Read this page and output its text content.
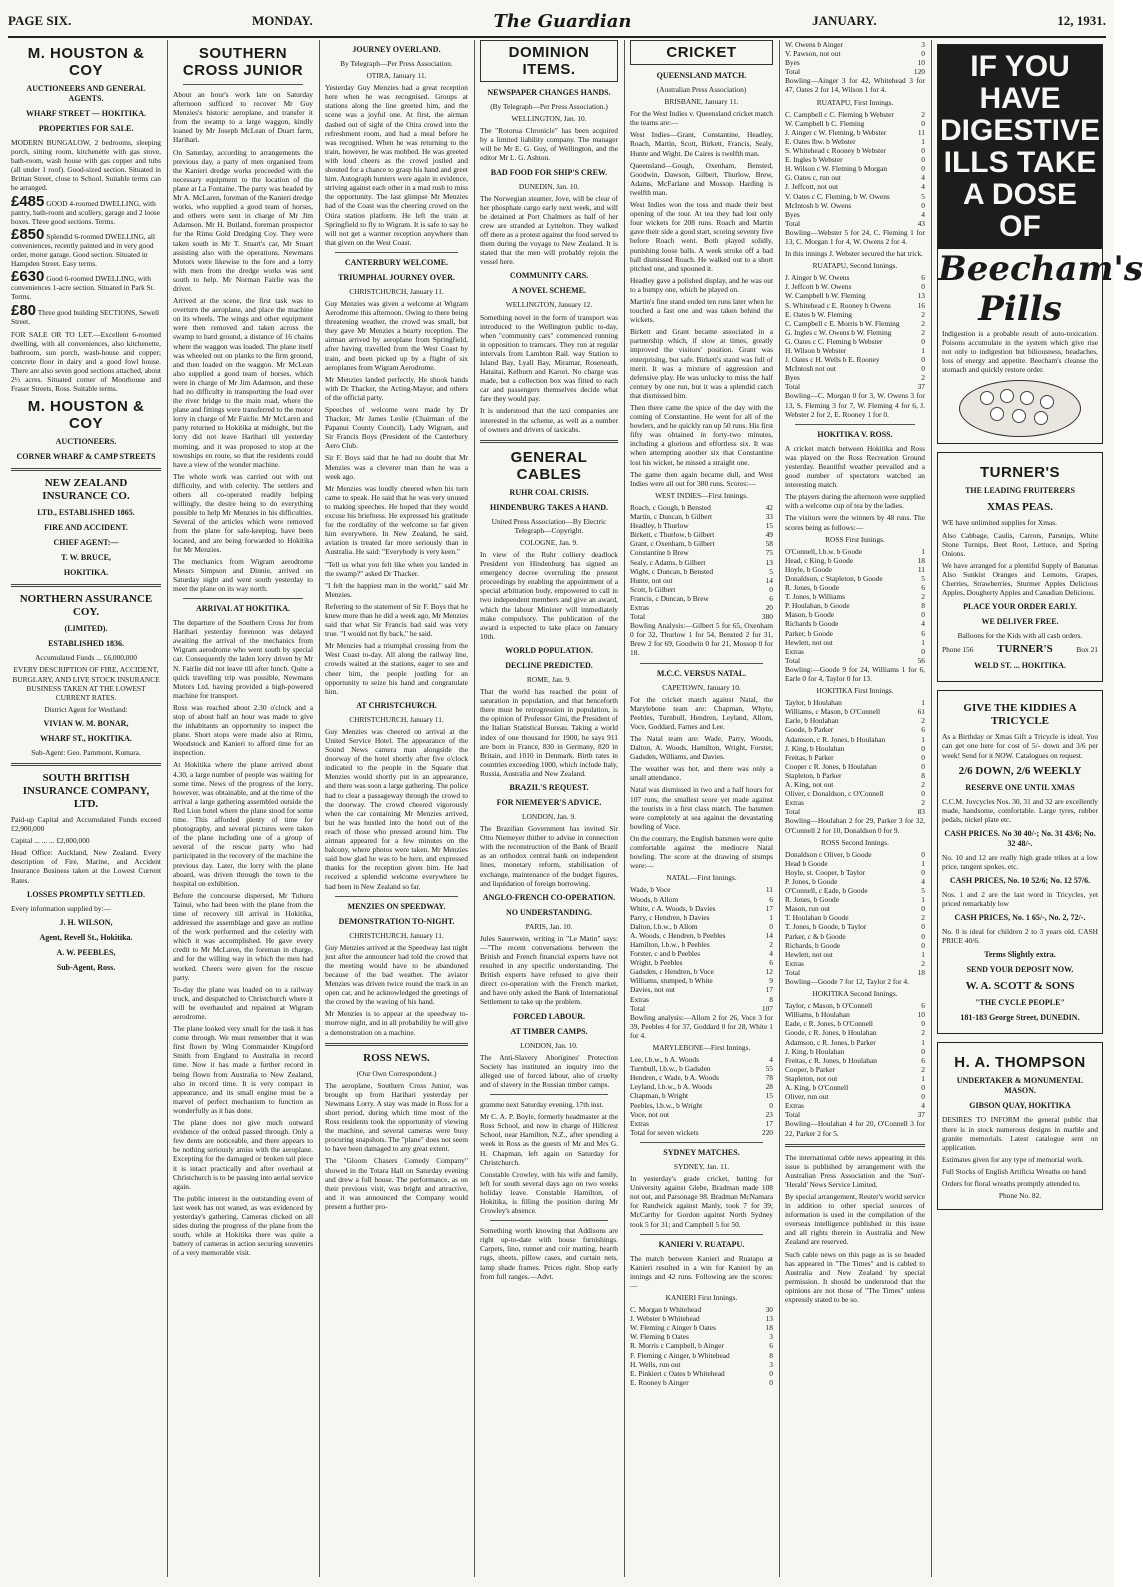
PAGE SIX.	MONDAY.	The Guardian	JANUARY.	12, 1931.
M. HOUSTON & COY
AUCTIONEERS AND GENERAL AGENTS.
WHARF STREET — HOKITIKA.
PROPERTIES FOR SALE.

MODERN BUNGALOW, 2 bedrooms, sleeping porch, sitting room, kitchenette with gas stove, bath-room, wash house with gas copper and tubs (all under 1 roof). Good-sized section. Situated in Brittan Street, close to School. Suitable terms can be arranged.

£485 GOOD 4-roomed DWELLING, with pantry, bath-room and scullery, garage and 2 loose boxes. Three good sections. Terms.
£850 Splendid 6-roomed DWELLING, all conveniences, recently painted and in very good order, motor garage. Good section. Situated in Hampden Street. Easy terms.
£630 Good 6-roomed DWELLING, with conveniences 1-acre section. Situated in Park St. Terms.
£80 Three good building SECTIONS, Sewell Street.

FOR SALE OR TO LET.—Excellent 6-roomed dwelling, with all conveniences, also kitchenette, bathroom, sun porch, wash-house and copper; concrete floor in dairy and a good fowl house. There are also seven good sections attached, about 2½ acres. Situated corner of Moorhouse and Fraser Streets, Ross. Suitable terms.

M. HOUSTON & COY
AUCTIONEERS.
CORNER WHARF & CAMP STREETS
NEW ZEALAND INSURANCE CO.
LTD., ESTABLISHED 1865.
FIRE AND ACCIDENT.
CHIEF AGENT:—
T. W. BRUCE,
HOKITIKA.
NORTHERN ASSURANCE COY.
(LIMITED).
ESTABLISHED 1836.

Accumulated Funds ... £6,000,000

EVERY DESCRIPTION OF FIRE, ACCIDENT, BURGLARY, AND LIVE STOCK INSURANCE BUSINESS TAKEN AT THE LOWEST CURRENT RATES.

District Agent for Westland:

VIVIAN W. M. BONAR,
WHARF ST., HOKITIKA.

Sub-Agent: Geo. Pammont, Kumara.

SOUTH BRITISH INSURANCE COMPANY, LTD.

Paid-up Capital and Accumulated Funds exceed £2,900,000

Capital ... ... ... £2,000,000

Head Office: Auckland, New Zealand. Every description of Fire, Marine, and Accident Insurance Business taken at the Lowest Current Rates.

LOSSES PROMPTLY SETTLED.

Every information supplied by:—

J. H. WILSON,
Agent, Revell St., Hokitika.
A. W. PEEBLES,
Sub-Agent, Ross.
SOUTHERN CROSS JUNIOR

About an hour's work late on Saturday afternoon sufficed to recover Mr Guy Menzies's historic aeroplane, and transfer it from the swamp to a large waggon, kindly loaned by Mr Joseph McLean of Duart farm, Harihari.

On Saturday, according to arrangements the previous day, a party of men organised from the Kanieri dredge works proceeded with the necessary equipment to the location of the plane at La Fontaine. The party was headed by Mr A. McLaren, foreman of the Kanieri dredge works, who supplied a good team of horses, and others were sent in charge of Mr Jim Adamson. Mr H. Butland, foreman prospector for the Rimu Gold Dredging Coy. They were taken south in Mr T. Stuart's car, Mr Stuart assisting also with the operations. Newmans Motors were likewise to the fore and a lorry with men from the dredge works was sent south to help. Mr Norman Fairlie was the driver.

Arrived at the scene, the first task was to overturn the aeroplane, and place the machine on its wheels. The wings and other equipment were then removed and taken across the swamp to hard ground, a distance of 16 chains where the waggon was loaded. The plane itself was wheeled out on planks to the firm ground, and then loaded on the waggon. Mr McLean also supplied a good team of horses, which were in charge of Mr Jim Adamson, and these had no difficulty in transporting the load over the river bridge to the main road, where the plane and fittings were transferred to the motor lorry in charge of Mr Fairlie. Mr McLaren and party returned to Hokitika at midnight, but the lorry did not leave Harihari till yesterday morning, and it was proposed to stop at the townships en route, so that the residents could have a view of the wonder machine.

The whole work was carried out with out difficulty, and with celerity. The settlers and others all co-operated readily helping willingly, the desire being to do everything possible to help Mr Menzies in his difficulties. Several of the articles which were removed from the plane for safe-keeping, have been located, and are being forwarded to Hokitika for Mr Menzies.

The mechanics from Wigram aerodrome Messrs Simpson and Dinnie, arrived on Saturday night and went south yesterday to meet the plane on its way north.

ARRIVAL AT HOKITIKA.

The departure of the Southern Cross Jnr from Harihari yesterday forenoon was delayed awaiting the arrival of the mechanics from Wigram aerodrome who went south by special car. Consequently the laden lorry driven by Mr N. Fairlie did not leave till after lunch. Quite a quick travelling trip was possible, Newmans Motors Ltd. having provided a high-powered machine for transport.

Ross was reached about 2.30 o'clock and a stop of about half an hour was made to give the inhabitants an opportunity to inspect the plane. Short stops were made also at Rimu, Woodstock and Kanieri to afford time for an inspection.

At Hokitika where the plane arrived about 4.30, a large number of people was waiting for some time. News of the progress of the lorry, however, was obtainable, and at the time of the arrival a large gathering assembled outside the Red Lion hotel where the plane stood for some time. This afforded plenty of time for photography, and several pictures were taken of the plane including one of a group of several of the rescue party who had participated in the recovery of the machine the previous day. Later, the lorry with the plane aboard, was driven through the town to the hospital on exhibition.

Before the concourse dispersed, Mr Tuhuru Tainui, who had been with the plane from the time of recovery till arrival in Hokitika, addressed the assemblage and gave an outline of the work performed and the celerity with which it was accomplished. He gave every credit to Mr McLaren, the foreman in charge, and for the willing way in which the men had worked. Cheers were given for the rescue party.

To-day the plane was loaded on to a railway truck, and despatched to Christchurch where it will be overhauled and repaired at Wigram aerodrome.

The plane looked very small for the task it has come through. We must remember that it was first flown by Wing Commander Kingsford Smith from England to Australia in record time. Now it has made a further record in being flown from Australia to New Zealand, also in record time. It is very compact in appearance, and its small engine must be a marvel of perfect mechanism to function as wonderfully as it has done.

The plane does not give much outward evidence of the ordeal passed through. Only a few dents are noticeable, and there appears to be nothing seriously amiss with the aeroplane. Excepting for the damaged or broken tail piece it is intact practically and after overhaul at Christchurch is to be passing into aerial service again.

The public interest in the outstanding event of last week has not waned, as was evidenced by yesterday's gathering. Cameras clicked on all sides during the progress of the plane from the south, while at Hokitika there was quite a battery of cameras in action securing souvenirs of a very memorable visit.

JOURNEY OVERLAND.

By Telegraph—Per Press Association.

OTIRA, January 11.

Yesterday Guy Menzies had a great reception here when he was recognised. Groups at stations along the line greeted him, and the scene was a joyful one. At first, the airman dashed out of sight of the Otira crowd into the refreshment room, and had a meal before he was recognised. When he was returning to the train, however, he was mobbed. He was greeted with loud cheers as the crowd jostled and shouted for a chance to grasp his hand and greet him. Autograph hunters were again in evidence, striving against each other in a mad rush to miss the opportunity. The last glimpse Mr Menzies had of the Coast was the cheering crowd on the Otira station platform. He left the train at Springfield to fly to Wigram. It is safe to say he will not get a warmer reception anywhere than that given on the West Coast.

CANTERBURY WELCOME.
TRIUMPHAL JOURNEY OVER.

CHRISTCHURCH, January 11.

Guy Menzies was given a welcome at Wigram Aerodrome this afternoon. Owing to there being threatening weather, the crowd was small, but they gave Mr Menzies a hearty reception. The airman arrived by aeroplane from Springfield, after having travelled from the West Coast by train, and been picked up by a flight of six aeroplanes from Wigram Aerodrome.

Mr Menzies landed perfectly. He shook hands with Dr Thacker, the Acting-Mayor, and others of the official party.

Speeches of welcome were made by Dr Thacker, Mr James Leslie (Chairman of the Papanui County Council), Lady Wigram, and Sir Francis Boys (President of the Canterbury Aero Club.

Sir F. Boys said that he had no doubt that Mr Menzies was a cleverer man than he was a week ago.

Mr Menzies was loudly cheered when his turn came to speak. He said that he was very unused to making speeches. He hoped that they would excuse his briefness. He expressed his gratitude for the cordiality of the welcome so far given him everywhere. In New Zealand, he said, aviation is treated far more seriously than in Australia. He said: "Everybody is very keen."

"Tell us what you felt like when you landed in the swamp?" asked Dr Thacker.

"I felt the happiest man in the world," said Mr Menzies.

Referring to the statement of Sir F. Boys that he knew more than he did a week ago, Mr Menzies said that what Sir Francis had said was very true. "I would not fly back," he said.

Mr Menzies had a triumphal crossing from the West Coast to-day. All along the railway line, crowds waited at the stations, eager to see and cheer him, the people jostling for an opportunity to seize his hand and congratulate him.

AT CHRISTCHURCH.

CHRISTCHURCH, January 11.

Guy Menzies was cheered on arrival at the United Service Hotel. The appearance of the Sound News camera man alongside the doorway of the hotel shortly after five o'clock indicated to the people in the Square that Menzies would shortly put in an appearance, and there was soon a large gathering. The police had to clear a passageway through the crowd to the doorway. The crowd cheered vigorously when the car containing Mr Menzies arrived, but he was hustled into the hotel out of the reach of those who pressed around him. The airman appeared for a few minutes on the balcony, where photos were taken. Mr Menzies said how glad he was to be here, and expressed thanks for the reception given him. He had received a splendid welcome everywhere he had been in New Zealand so far.

MENZIES ON SPEEDWAY.
DEMONSTRATION TO-NIGHT.

CHRISTCHURCH, January 11.

Guy Menzies arrived at the Speedway last night just after the announcer had told the crowd that the meeting would have to be abandoned because of the bad weather. The aviator Menzies was driven twice round the track in an open car, and he acknowledged the greetings of the crowd by the waving of his hand.

Mr Menzies is to appear at the speedway to-morrow night, and in all probability he will give a demonstration on a machine.

ROSS NEWS.

(Our Own Correspondent.)

The aeroplane, Southern Cross Junior, was brought up from Harihari yesterday per Newmans Lorry. A stay was made in Ross for a short period, during which time most of the Ross residents took the opportunity of viewing the machine, and several cameras were busy procuring snapshots. The "plane" does not seem to have been damaged to any great extent.

The "Gloom Chasers Comedy Company" showed in the Totara Hall on Saturday evening and drew a full house. The performance, as on their previous visit, was bright and attractive, and it was announced the Company would present a further pro-

DOMINION ITEMS.
NEWSPAPER CHANGES HANDS.

(By Telegraph—Per Press Association.)

WELLINGTON, Jan. 10.

The "Rotorua Chronicle" has been acquired by a limited liability company. The manager will be Mr E. G. Guy, of Wellington, and the editor Mr L. G. Ashton.

BAD FOOD FOR SHIP'S CREW.

DUNEDIN, Jan. 10.

The Norwegian steamer, Jove, will be clear of her phosphate cargo early next week, and will be detained at Port Chalmers as half of her crew are stranded at Lyttelton. They walked off there as a protest against the food served to them during the voyage to New Zealand. It is stated that the men will probably rejoin the vessel here.

COMMUNITY CARS.
A NOVEL SCHEME.

WELLINGTON, January 12.

Something novel in the form of transport was introduced to the Wellington public to-day, when "community cars" commenced running in opposition to tramcars. They run at regular intervals from Lambton Rail. way Station to Island Bay, Lyall Bay, Miramar, Roseneath, Hataitai, Kelburn and Karori. No charge was made, but a collection box was fitted to each car and passengers themselves decide what fare they would pay.

It is understood that the taxi companies are interested in the scheme, as well as a number of owners and drivers of taxicabs.

GENERAL CABLES
RUHR COAL CRISIS.
HINDENBURG TAKES A HAND.

United Press Association—By Electric Telegraph—Copyright.

COLOGNE, Jan. 9.

In view of the Ruhr colliery deadlock President von Hindenburg has signed an emergency decree overruling the present proceedings by enabling the appointment of a special arbitration body, empowered to call in two independent members and give an award, which the labour Minister will immediately make compulsory. The publication of the award is expected to take place on January 10th.

WORLD POPULATION.
DECLINE PREDICTED.

ROME, Jan. 9.

That the world has reached the point of saturation in population, and that henceforth there must be retrogression in population, is the opinion of Professor Gini, the President of the Italian Statistical Bureau. Taking a world index of one thousand for 1900, he says 911 are born in France, 830 in Germany, 820 in Britain, and 1010 in Denmark. Birth rates in countries exceeding 1000, which include Italy, Russia, Australia and New Zealand.

BRAZIL'S REQUEST.
FOR NIEMEYER'S ADVICE.

LONDON, Jan. 9.

The Brazilian Government has invited Sir Otto Niemeyer thither to advise in connection with the reconstruction of the Bank of Brazil as an orthodox central bank on independent lines, monetary reform, stabilisation of exchange, maintenance of the budget figures, and liquidation of foreign borrowing.

ANGLO-FRENCH CO-OPERATION.
NO UNDERSTANDING.

PARIS, Jan. 10.

Jules Sauerwein, writing in "Le Matin" says:—"The recent conversations between the British and French financial experts have not resulted in any specific understanding. The British experts have refused to give their direct co-operation with the French market, and have only asked the Bank of International Settlement to take up the problem.

FORCED LABOUR.
AT TIMBER CAMPS.

LONDON, Jan. 10.

The Anti-Slavery Aborigines' Protection Society has instituted an inquiry into the alleged use of forced labour, also of cruelty and of slavery in the Russian timber camps.

gramme next Saturday evening, 17th inst.

Mr C. A. P. Boyle, formerly headmaster at the Ross School, and now in charge of Hillcrest School, near Hamilton, N.Z., after spending a week in Ross as the guests of Mr and Mrs G. H. Chapman, left again on Saturday for Christchurch.

Constable Crowley, with his wife and family, left for south several days ago on two weeks holiday leave. Constable Hamilton, of Hokitika, is filling the position during Mr Crowley's absence.

Something worth knowing that Addisons are right up-to-date with house furnishings. Carpets, lino, runner and coir matting, hearth rugs, sheets, pillow cases, and curtain nets, lamp shade frames. Prices right. Shop early from full ranges.—Advt.

CRICKET
QUEENSLAND MATCH.

(Australian Press Association)

BRISBANE, January 11.

For the West Indies v. Queensland cricket match the teams are:—

West Indies—Grant, Constantine, Headley, Roach, Martin, Scott, Birkett, Francis, Sealy, Hunte and Wight. De Caires is twelfth man.

Queensland—Gough, Oxenham, Bensted, Goodwin, Dawson, Gilbert, Thurlow, Brew, Adams, McFarlane and Mossop. Harding is twelfth man.

West Indies won the toss and made their best opening of the tour. At tea they had lost only four wickets for 208 runs. Roach and Martin gave their side a good start, scoring seventy five before Roach went. Both played solidly, punishing loose balls. A week stroke off a bad ball dismissed Roach. He walked out to a short pitched one, and spooned it.

Headley gave a polished display, and he was out to a bumpy one, which he played on.

Martin's fine stand ended ten runs later when he touched a fast one and was taken behind the wickets.

Birkett and Grant became associated in a partnership which, if slow at times, greatly improved the visitors' position. Grant was enterprising, but safe. Birkett's stand was full of merit. It was a mixture of aggression and defensive play. He was unlucky to miss the half century by one run, but it was a splendid catch that dismissed him.

Then there came the spice of the day with the coming of Constantine. He went for all of the bowlers, and he quickly ran up 50 runs. His first fifty was obtained in forty-two minutes, including a glorious and effortless six. It was when attempting another six that Constantine lost his wicket, he missed a straight one.

The game then again became dull, and West Indies were all out for 380 runs. Scores:—

WEST INDIES—First Innings.

Roach, c Gough, b Bensted	42
Martin, c Duncan, b Gilbert	33
Headley, b Thurlow	15
Birkett, c Thurlow, b Gilbert	49
Grant, c Oxenham, b Gilbert	58
Constantine b Brew	75
Sealy, c Adams, b Gilbert	13
Wight, c Duncan, b Bensted	5
Hunte, not out	14
Scott, b Gilbert	0
Francis, c Duncan, b Brew	6
Extras	20
Total	380

Bowling Analysis:—Gilbert 5 for 65, Oxenham 0 for 32, Thurlow 1 for 54, Bensted 2 for 31, Brew 2 for 69, Goodwin 0 for 21, Mossop 0 for 18.

M.C.C. VERSUS NATAL.

CAPETOWN, January 10.

For the cricket match against Natal, the Marylebone team are: Chapman, Whyte, Peebles, Turnbull, Hendren, Leyland, Allom, Voce, Goddard, Farnes and Lee.

The Natal team are: Wade, Parry, Woods, Dalton, A. Woods, Hamilton, Wright, Forster, Gadsden, Williams, and Davies.

The weather was hot, and there was only a small attendance.

Natal was dismissed in two and a half hours for 107 runs, the smallest score yet made against the tourists in a first class match. The batsmen were completely at sea against the devastating bowling of Voce.

On the contrary, the English batsmen were quite comfortable against the mediocre Natal bowling. The score at the drawing of stumps were:—

NATAL—First Innings.

Wade, b Voce	11
Woods, b Allom	6
White, c A. Woods, b Davies	17
Parry, c Hendren, b Davies	1
Dalton, l.b.w., b Allom	0
A. Woods, c Hendren, b Peebles	14
Hamilton, l.b.w., b Peebles	2
Forster, c and b Peebles	4
Wright, b Peebles	6
Gadsden, c Hendren, b Voce	12
Williams, stumped, b White	9
Davies, not out	17
Extras	8
Total	107

Bowling analysis:—Allom 2 for 26, Voce 3 for 39, Peebles 4 for 37, Goddard 0 for 28, White 1 for 4.

MARYLEBONE—First Innings.

Lee, l.b.w., b A. Woods	4
Turnbull, l.b.w., b Gadsden	55
Hendren, c Wade, b A. Woods	78
Leyland, l.b.w., b A. Woods	28
Chapman, b Wright	15
Peebles, l.b.w., b Wright	0
Voce, not out	23
Extras	17
Total for seven wickets	220
SYDNEY MATCHES.

SYDNEY, Jan. 11.

In yesterday's grade cricket, batting for University against Glebe, Bradman made 108 not out, and Parsonage 98. Bradman McNamara for Randwick against Manly, took 7 for 39; McCarthy for Gordon against North Sydney took 5 for 31; and Campbell 5 for 50.

KANIERI V. RUATAPU.

The match between Kanieri and Ruatapu at Kanieri resulted in a win for Kanieri by an innings and 42 runs. Following are the scores:—

KANIERI First Innings.

C. Morgan b Whitehead	30
J. Webster b Whitehead	13
W. Fleming c Ainger b Oates	18
W. Fleming b Oates	3
R. Morris c Campbell, b Ainger	6
F. Fleming c Ainger, b Whitehead	8
H. Wells, run out	3
E. Pinkiert c Oates b Whitehead	0
E. Rooney b Ainger	0
W. Owens b Ainger	3
V. Pawson, not out	0
Byes	10
Total	120

Bowling—Ainger 3 for 42, Whitehead 3 for 47, Oates 2 for 14, Wilson 1 for 4.

RUATAPU, First Innings.

C. Campbell c C. Fleming b Webster	2
W. Campbell b C. Fleming	0
J. Ainger c W. Fleming, b Webster	11
E. Oates lbw. b Webster	1
S. Whitehead c Rooney b Webster	0
E. Ingles b Webster	0
H. Wilson c W. Fleming b Morgan	0
G. Oates c, run out	4
J. Jeffcott, not out	4
V. Oates c C. Fleming, b W. Owens	5
McIntosh b W. Owens	0
Byes	4
Total	43

Bowling—Webster 5 for 24, C. Fleming 1 for 13, C. Morgan 1 for 4, W. Owens 2 for 4.

In this innings J. Webster secured the hat trick.

RUATAPU, Second Innings.

J. Ainger b W. Owens	6
J. Jeffcott b W. Owens	0
W. Campbell b W. Fleming	13
S. Whitehead c E. Rooney b Owens	16
E. Oates b W. Fleming	2
C. Campbell c E. Morris b W. Fleming	2
G. Ingles c W. Owens b W. Fleming	2
G. Oates c C. Fleming b Webster	0
H. Wilson b Webster	1
J. Oates c H. Wells b E. Rooney	0
McIntosh not out	0
Byes	2
Total	37

Bowling—C. Morgan 0 for 3, W. Owens 3 for 13, S. Fleming 3 for 7, W. Fleming 4 for 6, J. Webster 2 for 2, E. Rooney 1 for 0.

HOKITIKA V. ROSS.

A cricket match between Hokitika and Ross was played on the Ross Recreation Ground yesterday. Beautiful weather prevailed and a good number of spectators watched an interesting match.

The players during the afternoon were supplied with a welcome cup of tea by the ladies.

The visitors were the winners by 48 runs. The scores being as follows:—

ROSS First Innings.

O'Connell, l.b.w. b Goode	1
Head, c King, b Goode	18
Hoyle, b Goode	11
Donaldson, c Stapleton, b Goode	5
R. Jones, b Goode	6
T. Jones, b Williams	2
P. Houlahan, b Goode	8
Mason, b Goode	0
Richards b Goode	4
Parker, b Goode	6
Hewlett, not out	1
Extras	0
Total	56

Bowling:—Goode 9 for 24, Williams 1 for 6, Earle 0 for 4, Taylor 0 for 13.

HOKITIKA First Innings.

Taylor, b Houlahan	1
Williams, c Mason, b O'Connell	61
Earle, b Houlahan	2
Goode, b Parker	6
Adamson, c R. Jones, b Houlahan	1
J. King, b Houlahan	0
Freitas, b Parker	0
Cooper c R. Jones, b Houlahan	0
Stapleton, b Parker	8
A. King, not out	2
Oliver, c Donaldson, c O'Connell	0
Extras	2
Total	83

Bowling—Houlahan 2 for 29, Parker 3 for 32, O'Connell 2 for 10, Donaldson 0 for 9.

ROSS Second Innings.

Donaldson c Oliver, b Goode	0
Head b Goode	1
Hoyle, st. Cooper, b Taylor	0
P. Jones, b Goode	4
O'Connell, c Eade, b Goode	5
R. Jones, b Goode	1
Mason, run out	0
T. Houlahan b Goode	2
T. Jones, b Goode, b Taylor	0
Parker, c & b Goode	0
Richards, b Goode	0
Hewlett, not out	1
Extras	2
Total	18

Bowling—Goode 7 for 12, Taylor 2 for 4.

HOKITIKA Second Innings.

Taylor, c Mason, b O'Connell	6
Williams, b Houlahan	10
Eade, c R. Jones, b O'Connell	0
Goode, c R. Jones, b Houlahan	2
Adamson, c R. Jones, b Parker	1
J. King, b Houlahan	0
Freitas, c R. Jones, b Houlahan	6
Cooper, b Parker	2
Stapleton, not out	1
A. King, b O'Connell	0
Oliver, run out	0
Extras	4
Total	37

Bowling—Houlahan 4 for 20, O'Connell 3 for 22, Parker 2 for 5.

The international cable news appearing in this issue is published by arrangement with the Australian Press Association and the 'Sun'-'Herald' News Service Limited.

By special arrangement, Reuter's world service in addition to other special sources of information is used in the compilation of the overseas intelligence published in this issue and all rights therein in Australia and New Zealand are reserved.

Such cable news on this page as is so headed has appeared in "The Times" and is cabled to Australia and New Zealand by special permission. It should be understood that the opinions are not those of "The Times" unless expressly stated to be so.

IF YOU HAVE DIGESTIVE ILLS TAKE A DOSE OF
Beecham's Pills

Indigestion is a probable result of auto-toxication. Poisons accumulate in the system which give rise not only to indigestion but biliousness, headaches, loss of energy and appetite. Beecham's cleanse the stomach and quickly restore order.

TURNER'S
THE LEADING FRUITERERS
XMAS PEAS.

WE have unlimited supplies for Xmas.

Also Cabbage, Caulis, Carrots, Parsnips, White Stone Turnips, Beet Root, Lettuce, and Spring Onions.

We have arranged for a plentiful Supply of Bananas Also Sunkist Oranges and Lemons, Grapes, Cherries, Strawberries, Sturmer Apples Delicious Apples, Dougherty Apples and Canadian Delicious.

PLACE YOUR ORDER EARLY.
WE DELIVER FREE.

Balloons for the Kids with all cash orders.

Phone 156 TURNER'S	Box 21
WELD ST. ... HOKITIKA.
GIVE THE KIDDIES A TRICYCLE

As a Birthday or Xmas Gift a Tricycle is ideal. You can get one here for cost of 5/- down and 3/6 per week! Send for it NOW. Catalogues on request.

2/6 DOWN, 2/6 WEEKLY
RESERVE ONE UNTIL XMAS

C.C.M. Juvcycles Nos. 30, 31 and 32 are excellently made, handsome, comfortable. Large tyres, rubber pedals, nickel plate etc.

CASH PRICES. No 30 40/-; No. 31 43/6; No. 32 48/-.

No. 10 and 12 are really high grade trikes at a low price, tangent spokes, etc.

CASH PRICES, No. 10 52/6; No. 12 57/6.

Nos. 1 and 2 are the last word in Tricycles, yet priced remarkably low

CASH PRICES, No. 1 65/-, No. 2, 72/-.

No. 0 is ideal for children 2 to 3 years old. CASH PRICE 40/6.

Terms Slightly extra.
SEND YOUR DEPOSIT NOW.
W. A. SCOTT & SONS
"THE CYCLE PEOPLE"
181-183 George Street, DUNEDIN.
H. A. THOMPSON
UNDERTAKER & MONUMENTAL MASON.
GIBSON QUAY, HOKITIKA

DESIRES TO INFORM the general public that there is in stock numerous designs in marble and granite memorials. Latest catalogue sent on application.

Estimates given for any type of memorial work.

Full Stocks of English Artificia Wreaths on hand

Orders for floral wreaths promptly attended to.

Phone No. 82.
